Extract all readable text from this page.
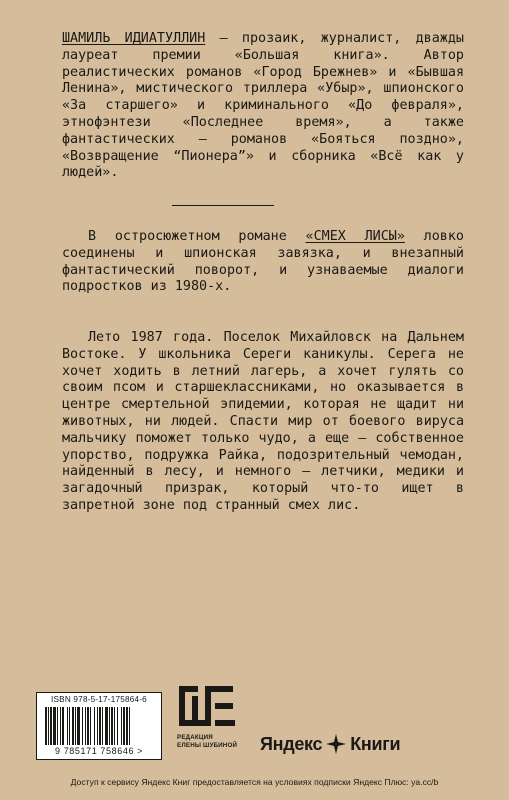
ШАМИЛЬ ИДИАТУЛЛИН — прозаик, журналист, дважды лауреат премии «Большая книга». Автор реалистических романов «Город Брежнев» и «Бывшая Ленина», мистического триллера «Убыр», шпионского «За старшего» и криминального «До февраля», этнофэнтези «Последнее время», а также фантастических — романов «Бояться поздно», «Возвращение “Пионера”» и сборника «Всё как у людей».

В остросюжетном романе «СМЕХ ЛИСЫ» ловко соединены и шпионская завязка, и внезапный фантастический поворот, и узнаваемые диалоги подростков из 1980-х.

Лето 1987 года. Поселок Михайловск на Дальнем Востоке. У школьника Сереги каникулы. Серега не хочет ходить в летний лагерь, а хочет гулять со своим псом и старшеклассниками, но оказывается в центре смертельной эпидемии, которая не щадит ни животных, ни людей. Спасти мир от боевого вируса мальчику поможет только чудо, а еще — собственное упорство, подружка Райка, подозрительный чемодан, найденный в лесу, и немного — летчики, медики и загадочный призрак, который что-то ищет в запретной зоне под странный смех лис.

ISBN 978-5-17-175864-6
9 785171 758646 >
РЕДАКЦИЯ
ЕЛЕНЫ ШУБИНОЙ	Яндекс Книги
Доступ к сервису Яндекс Книг предоставляется на условиях подписки Яндекс Плюс: ya.cc/b
